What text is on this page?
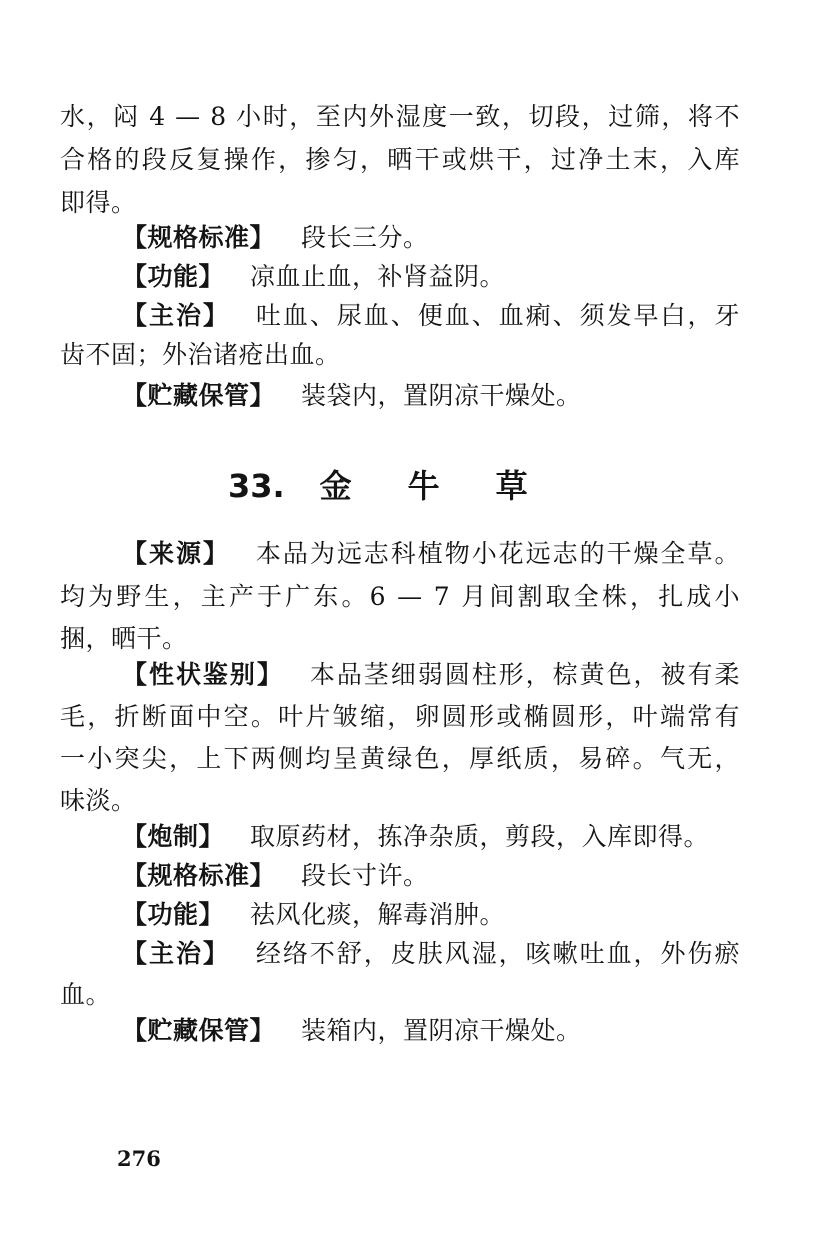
水，闷 4 — 8 小时，至内外湿度一致，切段，过筛，将不
合格的段反复操作，掺匀，晒干或烘干，过净土末，入库
即得。
【规格标准】 段长三分。
【功能】 凉血止血，补肾益阴。
【主治】 吐血、尿血、便血、血痢、须发早白，牙
齿不固；外治诸疮出血。
【贮藏保管】 装袋内，置阴凉干燥处。
33. 金 牛 草
【来源】 本品为远志科植物小花远志的干燥全草。
均为野生，主产于广东。6 — 7 月间割取全株，扎成小
捆，晒干。
【性状鉴别】 本品茎细弱圆柱形，棕黄色，被有柔
毛，折断面中空。叶片皱缩，卵圆形或椭圆形，叶端常有
一小突尖，上下两侧均呈黄绿色，厚纸质，易碎。气无，
味淡。
【炮制】 取原药材，拣净杂质，剪段，入库即得。
【规格标准】 段长寸许。
【功能】 祛风化痰，解毒消肿。
【主治】 经络不舒，皮肤风湿，咳嗽吐血，外伤瘀
血。
【贮藏保管】 装箱内，置阴凉干燥处。
276
